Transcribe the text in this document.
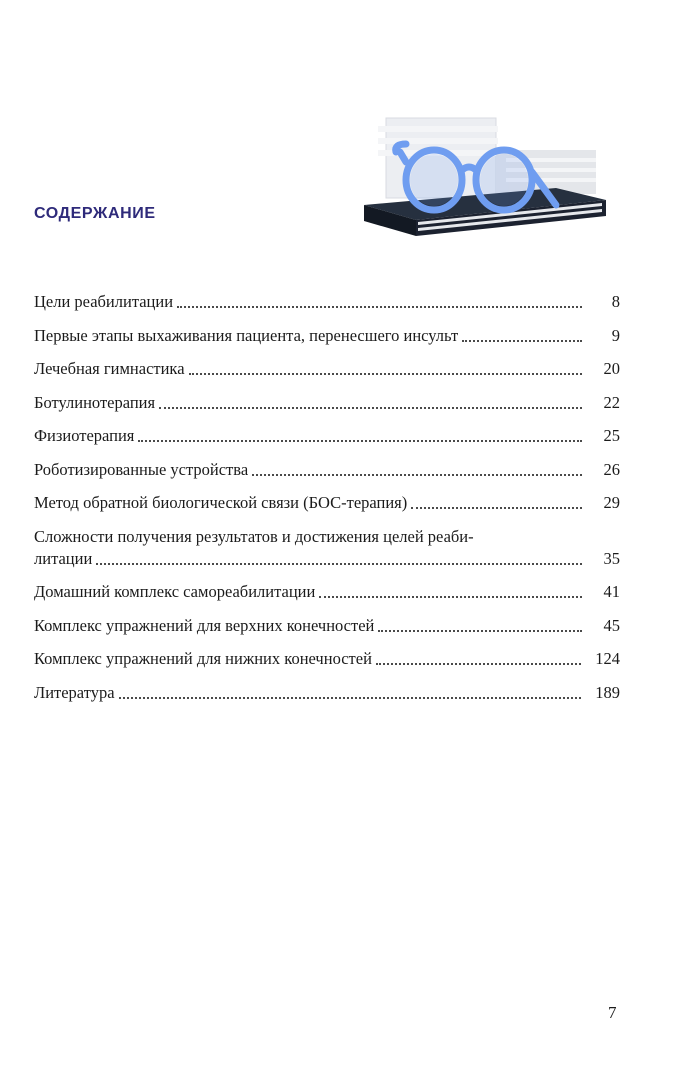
СОДЕРЖАНИЕ
Цели реабилитации	8
Первые этапы выхаживания пациента, перенесшего инсульт	9
Лечебная гимнастика	20
Ботулинотерапия	22
Физиотерапия	25
Роботизированные устройства	26
Метод обратной биологической связи (БОС-терапия)	29
Сложности получения результатов и достижения целей реаби-
литации	35
Домашний комплекс самореабилитации	41
Комплекс упражнений для верхних конечностей	45
Комплекс упражнений для нижних конечностей	124
Литература	189
7
